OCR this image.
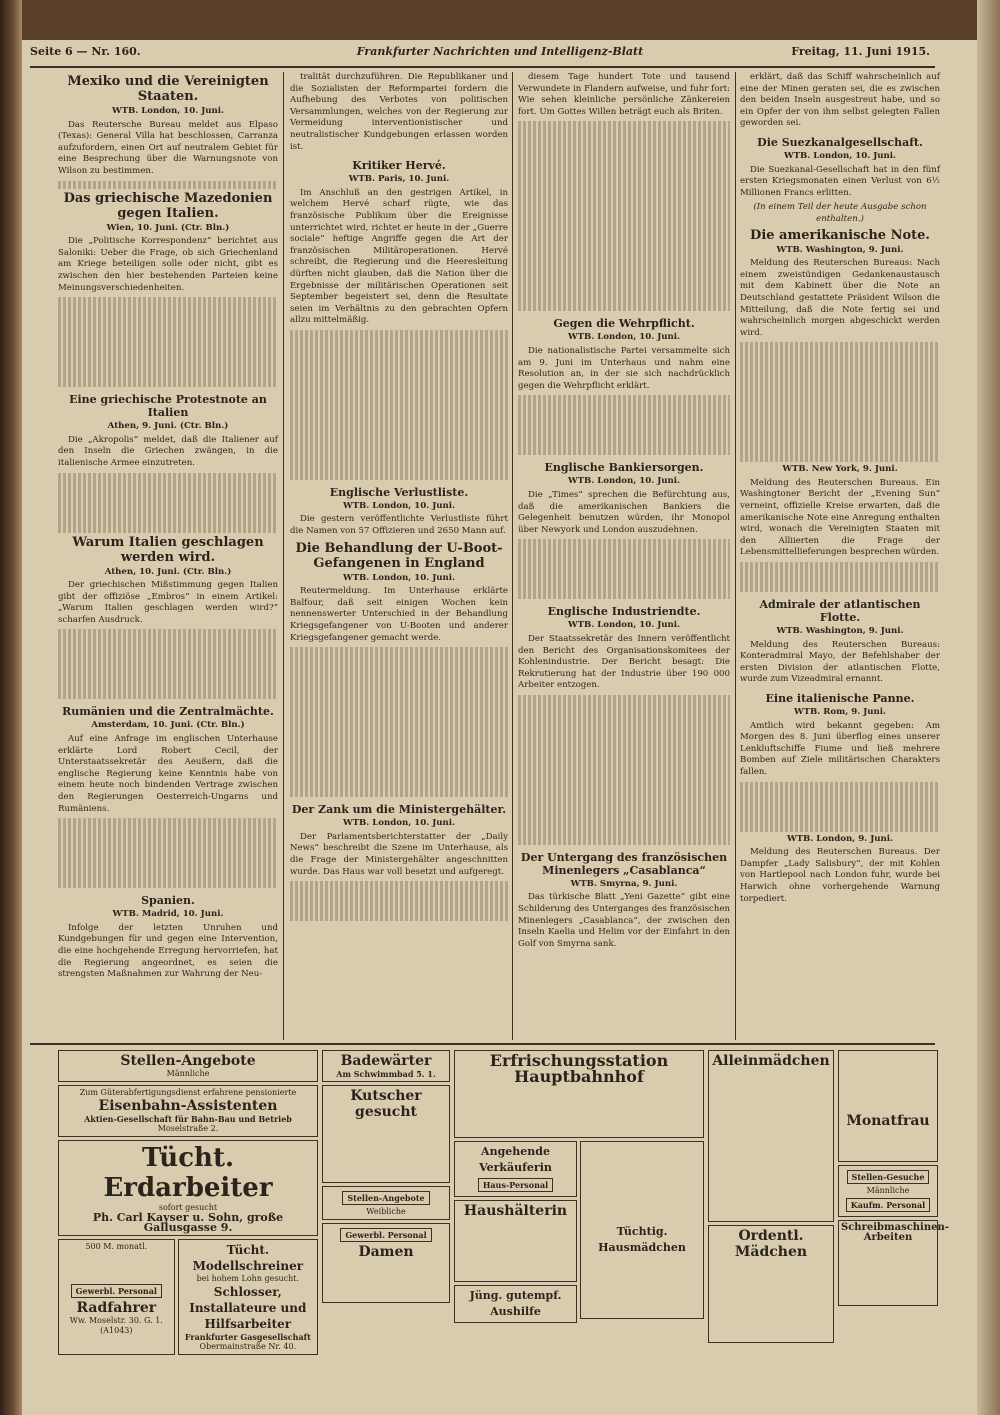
Seite 6 — Nr. 160.	Frankfurter Nachrichten und Intelligenz-Blatt	Freitag, 11. Juni 1915.
Mexiko und die Vereinigten Staaten.
WTB. London, 10. Juni.

Das Reutersche Bureau meldet aus Elpaso (Texas): General Villa hat beschlossen, Carranza aufzufordern, einen Ort auf neutralem Gebiet für eine Besprechung über die Warnungsnote von Wilson zu bestimmen.

Das griechische Mazedonien gegen Italien.
Wien, 10. Juni. (Ctr. Bln.)

Die „Politische Korrespondenz“ berichtet aus Saloniki: Ueber die Frage, ob sich Griechenland am Kriege beteiligen solle oder nicht, gibt es zwischen den hier bestehenden Parteien keine Meinungsverschiedenheiten.

Eine griechische Protestnote an Italien
Athen, 9. Juni. (Ctr. Bln.)

Die „Akropolis“ meldet, daß die Italiener auf den Inseln die Griechen zwängen, in die italienische Armee einzutreten.

Warum Italien geschlagen werden wird.
Athen, 10. Juni. (Ctr. Bln.)

Der griechischen Mißstimmung gegen Italien gibt der offiziöse „Embros“ in einem Artikel: „Warum Italien geschlagen werden wird?“ scharfen Ausdruck.

Rumänien und die Zentralmächte.
Amsterdam, 10. Juni. (Ctr. Bln.)

Auf eine Anfrage im englischen Unterhause erklärte Lord Robert Cecil, der Unterstaatssekretär des Aeußern, daß die englische Regierung keine Kenntnis habe von einem heute noch bindenden Vertrage zwischen den Regierungen Oesterreich-Ungarns und Rumäniens.

Spanien.
WTB. Madrid, 10. Juni.

Infolge der letzten Unruhen und Kundgebungen für und gegen eine Intervention, die eine hochgehende Erregung hervorriefen, hat die Regierung angeordnet, es seien die strengsten Maßnahmen zur Wahrung der Neu-

tralität durchzuführen. Die Republikaner und die Sozialisten der Reformpartei fordern die Aufhebung des Verbotes von politischen Versammlungen, welches von der Regierung zur Vermeidung interventionistischer und neutralistischer Kundgebungen erlassen worden ist.

Kritiker Hervé.
WTB. Paris, 10. Juni.

Im Anschluß an den gestrigen Artikel, in welchem Hervé scharf rügte, wie das französische Publikum über die Ereignisse unterrichtet wird, richtet er heute in der „Guerre sociale“ heftige Angriffe gegen die Art der französischen Militäroperationen. Hervé schreibt, die Regierung und die Heeresleitung dürften nicht glauben, daß die Nation über die Ergebnisse der militärischen Operationen seit September begeistert sei, denn die Resultate seien im Verhältnis zu den gebrachten Opfern allzu mittelmäßig.

Englische Verlustliste.
WTB. London, 10. Juni.

Die gestern veröffentlichte Verlustliste führt die Namen von 57 Offizieren und 2650 Mann auf.

Die Behandlung der U-Boot-Gefangenen in England
WTB. London, 10. Juni.

Reutermeldung. Im Unterhause erklärte Balfour, daß seit einigen Wochen kein nennenswerter Unterschied in der Behandlung Kriegsgefangener von U-Booten und anderer Kriegsgefangener gemacht werde.

Der Zank um die Ministergehälter.
WTB. London, 10. Juni.

Der Parlamentsberichterstatter der „Daily News“ beschreibt die Szene im Unterhause, als die Frage der Ministergehälter angeschnitten wurde. Das Haus war voll besetzt und aufgeregt.

diesem Tage hundert Tote und tausend Verwundete in Flandern aufweise, und fuhr fort: Wie sehen kleinliche persönliche Zänkereien fort. Um Gottes Willen beträgt euch als Briten.

Gegen die Wehrpflicht.
WTB. London, 10. Juni.

Die nationalistische Partei versammelte sich am 9. Juni im Unterhaus und nahm eine Resolution an, in der sie sich nachdrücklich gegen die Wehrpflicht erklärt.

Englische Bankiersorgen.
WTB. London, 10. Juni.

Die „Times“ sprechen die Befürchtung aus, daß die amerikanischen Bankiers die Gelegenheit benutzen würden, ihr Monopol über Newyork und London auszudehnen.

Englische Industriendte.
WTB. London, 10. Juni.

Der Staatssekretär des Innern veröffentlicht den Bericht des Organisationskomitees der Kohlenindustrie. Der Bericht besagt: Die Rekrutierung hat der Industrie über 190 000 Arbeiter entzogen.

Der Untergang des französischen Minenlegers „Casablanca“
WTB. Smyrna, 9. Juni.

Das türkische Blatt „Yeni Gazette“ gibt eine Schilderung des Unterganges des französischen Minenlegers „Casablanca“, der zwischen den Inseln Kaelia und Helim vor der Einfahrt in den Golf von Smyrna sank.

erklärt, daß das Schiff wahrscheinlich auf eine der Minen geraten sei, die es zwischen den beiden Inseln ausgestreut habe, und so ein Opfer der von ihm selbst gelegten Fallen geworden sei.

Die Suezkanalgesellschaft.
WTB. London, 10. Juni.

Die Suezkanal-Gesellschaft hat in den fünf ersten Kriegsmonaten einen Verlust von 6½ Millionen Francs erlitten.

(In einem Teil der heute Ausgabe schon enthalten.)
Die amerikanische Note.
WTB. Washington, 9. Juni.

Meldung des Reuterschen Bureaus: Nach einem zweistündigen Gedankenaustausch mit dem Kabinett über die Note an Deutschland gestattete Präsident Wilson die Mitteilung, daß die Note fertig sei und wahrscheinlich morgen abgeschickt werden wird.

WTB. New York, 9. Juni.

Meldung des Reuterschen Bureaus. Ein Washingtoner Bericht der „Evening Sun“ verneint, offizielle Kreise erwarten, daß die amerikanische Note eine Anregung enthalten wird, wonach die Vereinigten Staaten mit den Alliierten die Frage der Lebensmittellieferungen besprechen würden.

Admirale der atlantischen Flotte.
WTB. Washington, 9. Juni.

Meldung des Reuterschen Bureaus: Konteradmiral Mayo, der Befehlshaber der ersten Division der atlantischen Flotte, wurde zum Vizeadmiral ernannt.

Eine italienische Panne.
WTB. Rom, 9. Juni.

Amtlich wird bekannt gegeben: Am Morgen des 8. Juni überflog eines unserer Lenkluftschiffe Fiume und ließ mehrere Bomben auf Ziele militärischen Charakters fallen.

WTB. London, 9. Juni.

Meldung des Reuterschen Bureaus. Der Dampfer „Lady Salisbury“, der mit Kohlen von Hartlepool nach London fuhr, wurde bei Harwich ohne vorhergehende Warnung torpediert.

Stellen-Angebote
Männliche
Zum Güterabfertigungsdienst erfahrene pensionierte
Eisenbahn-Assistenten
Aktien-Gesellschaft für Bahn-Bau und Betrieb
Moselstraße 2.
Tücht. Erdarbeiter
sofort gesucht
Ph. Carl Kayser u. Sohn, große Gallusgasse 9.
500 M. monatl.
Gewerbl. Personal
Radfahrer
Ww. Moselstr. 30. G. 1. (A1043)
Tücht. Modellschreiner
bei hohem Lohn gesucht.
Schlosser, Installateure und Hilfsarbeiter
Frankfurter Gasgesellschaft
Obermainstraße Nr. 40.
Badewärter
Am Schwimmbad 5. 1.
Kutscher gesucht
Stellen-Angebote
Weibliche
Gewerbl. Personal
Damen
Erfrischungsstation Hauptbahnhof
Angehende Verkäuferin
Haus-Personal
Haushälterin
Jüng. gutempf. Aushilfe
Tüchtig. Hausmädchen
Alleinmädchen
Ordentl. Mädchen
Monatfrau
Stellen-Gesuche
Männliche
Kaufm. Personal
Schreibmaschinen-Arbeiten
